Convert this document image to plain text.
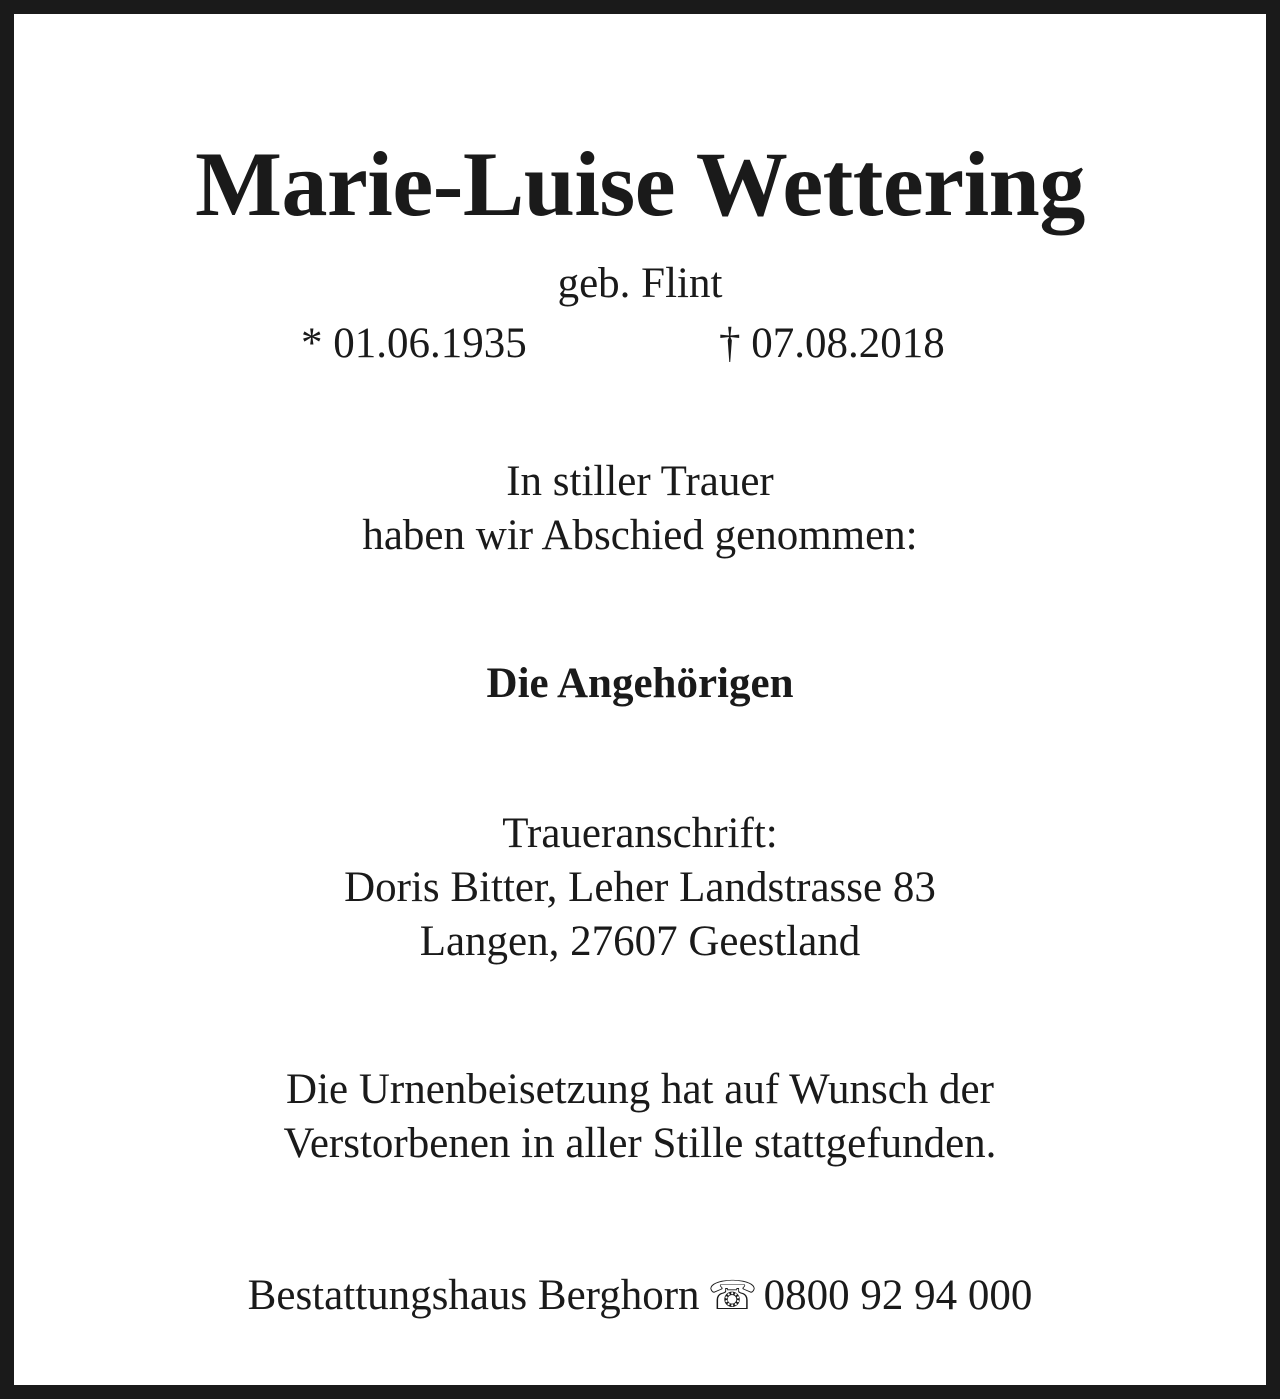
Marie-Luise Wettering
geb. Flint
* 01.06.1935	† 07.08.2018
In stiller Trauer
haben wir Abschied genommen:
Die Angehörigen
Traueranschrift:
Doris Bitter, Leher Landstrasse 83
Langen, 27607 Geestland
Die Urnenbeisetzung hat auf Wunsch der
Verstorbenen in aller Stille stattgefunden.
Bestattungshaus Berghorn ☏ 0800 92 94 000
